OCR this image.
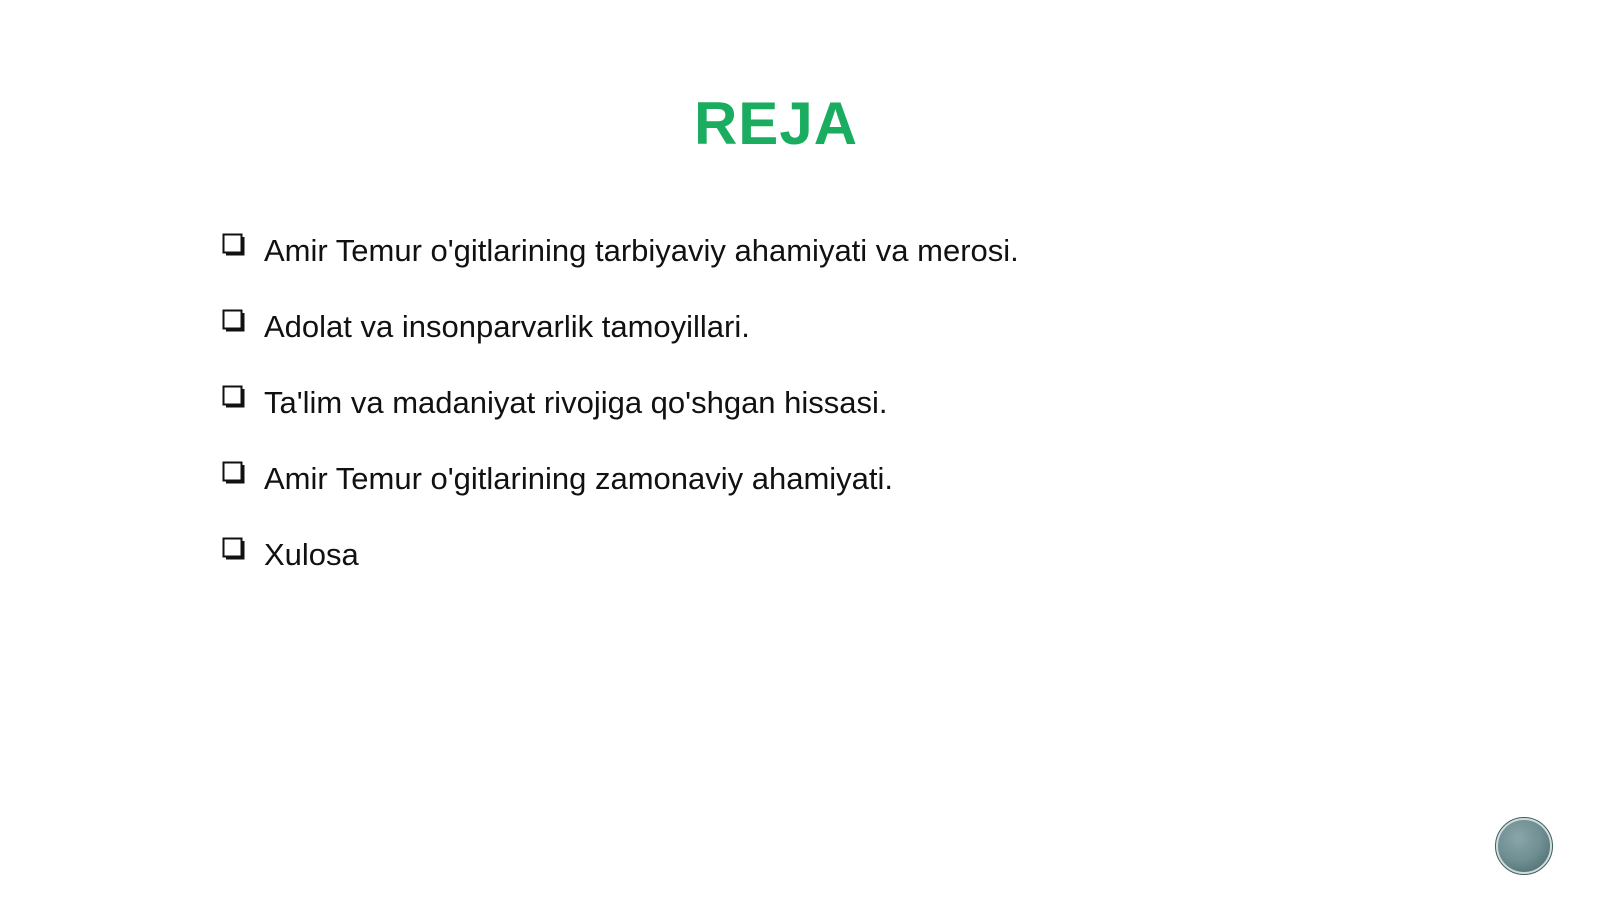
REJA
Amir Temur o'gitlarining tarbiyaviy ahamiyati va merosi.
Adolat va insonparvarlik tamoyillari.
Ta'lim va madaniyat rivojiga qo'shgan hissasi.
Amir Temur o'gitlarining zamonaviy ahamiyati.
Xulosa
